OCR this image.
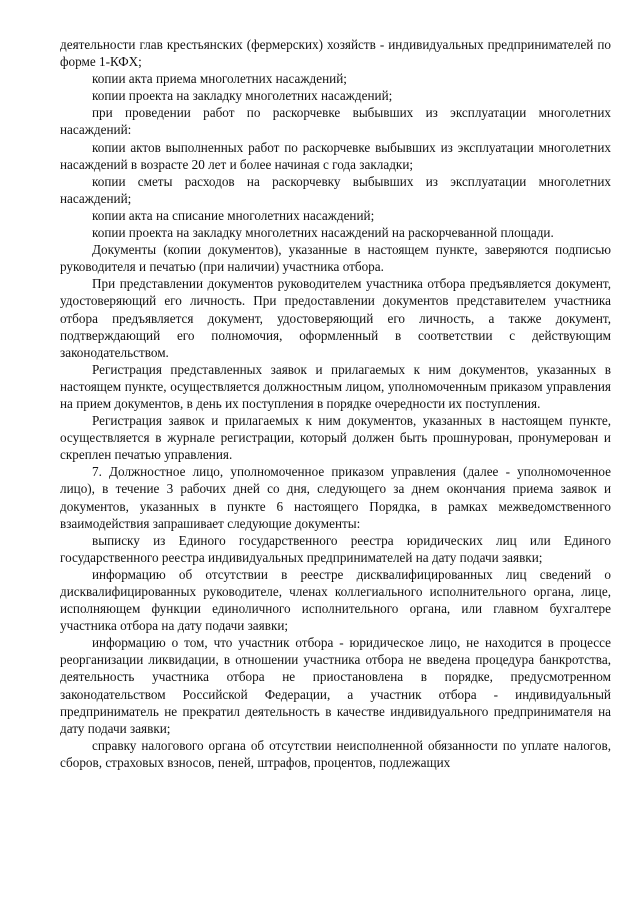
деятельности глав крестьянских (фермерских) хозяйств - индивидуальных предпринимателей по форме 1-КФХ;

копии акта приема многолетних насаждений;

копии проекта на закладку многолетних насаждений;

при проведении работ по раскорчевке выбывших из эксплуатации многолетних насаждений:

копии актов выполненных работ по раскорчевке выбывших из эксплуатации многолетних насаждений в возрасте 20 лет и более начиная с года закладки;

копии сметы расходов на раскорчевку выбывших из эксплуатации многолетних насаждений;

копии акта на списание многолетних насаждений;

копии проекта на закладку многолетних насаждений на раскорчеванной площади.

Документы (копии документов), указанные в настоящем пункте, заверяются подписью руководителя и печатью (при наличии) участника отбора.

При представлении документов руководителем участника отбора предъявляется документ, удостоверяющий его личность. При предоставлении документов представителем участника отбора предъявляется документ, удостоверяющий его личность, а также документ, подтверждающий его полномочия, оформленный в соответствии с действующим законодательством.

Регистрация представленных заявок и прилагаемых к ним документов, указанных в настоящем пункте, осуществляется должностным лицом, уполномоченным приказом управления на прием документов, в день их поступления в порядке очередности их поступления.

Регистрация заявок и прилагаемых к ним документов, указанных в настоящем пункте, осуществляется в журнале регистрации, который должен быть прошнурован, пронумерован и скреплен печатью управления.

7. Должностное лицо, уполномоченное приказом управления (далее - уполномоченное лицо), в течение 3 рабочих дней со дня, следующего за днем окончания приема заявок и документов, указанных в пункте 6 настоящего Порядка, в рамках межведомственного взаимодействия запрашивает следующие документы:

выписку из Единого государственного реестра юридических лиц или Единого государственного реестра индивидуальных предпринимателей на дату подачи заявки;

информацию об отсутствии в реестре дисквалифицированных лиц сведений о дисквалифицированных руководителе, членах коллегиального исполнительного органа, лице, исполняющем функции единоличного исполнительного органа, или главном бухгалтере участника отбора на дату подачи заявки;

информацию о том, что участник отбора - юридическое лицо, не находится в процессе реорганизации ликвидации, в отношении участника отбора не введена процедура банкротства, деятельность участника отбора не приостановлена в порядке, предусмотренном законодательством Российской Федерации, а участник отбора - индивидуальный предприниматель не прекратил деятельность в качестве индивидуального предпринимателя на дату подачи заявки;

справку налогового органа об отсутствии неисполненной обязанности по уплате налогов, сборов, страховых взносов, пеней, штрафов, процентов, подлежащих
